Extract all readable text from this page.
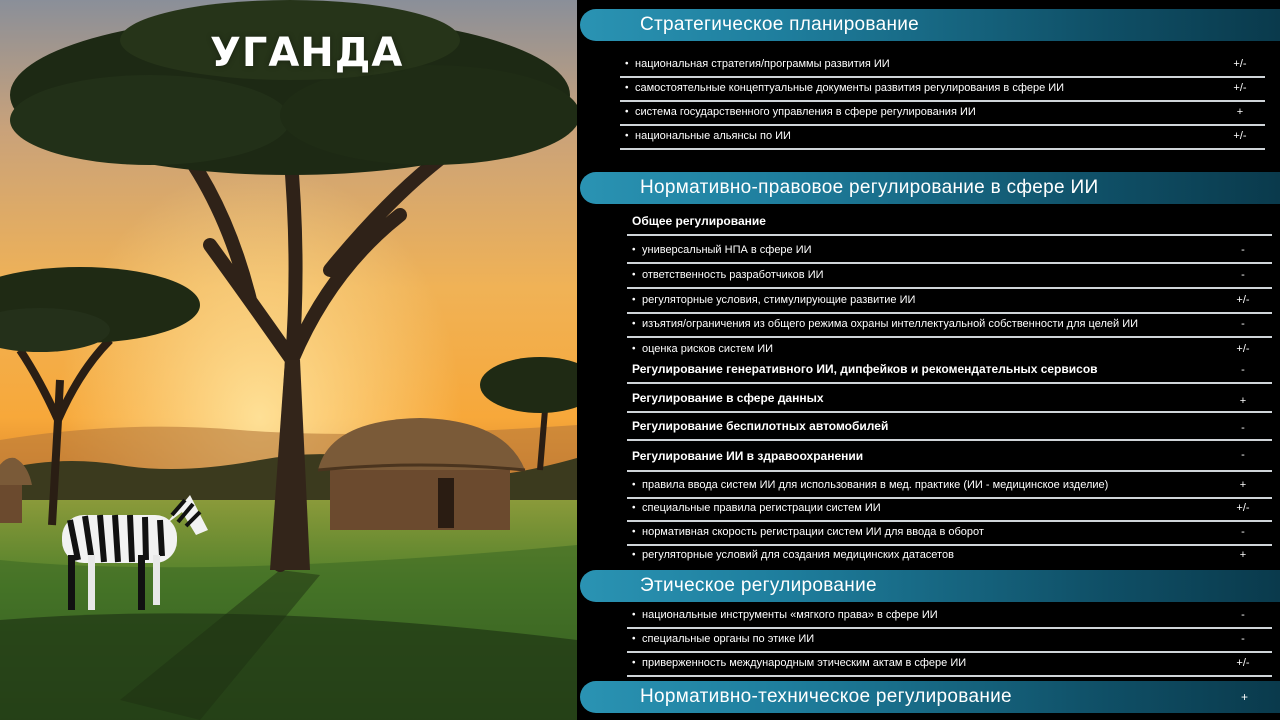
УГАНДА
Стратегическое планирование
• национальная стратегия/программы развития ИИ	+/-
• самостоятельные концептуальные документы развития регулирования в сфере ИИ	+/-
• система государственного управления в сфере регулирования ИИ	+
• национальные альянсы по ИИ	+/-
Нормативно-правовое регулирование в сфере ИИ
Общее регулирование
• универсальный НПА в сфере ИИ	-
• ответственность разработчиков ИИ	-
• регуляторные условия, стимулирующие развитие ИИ	+/-
• изъятия/ограничения из общего режима охраны интеллектуальной собственности для целей ИИ	-
• оценка рисков систем ИИ	+/-
Регулирование генеративного ИИ, дипфейков и рекомендательных сервисов	-
Регулирование в сфере данных	+
Регулирование беспилотных автомобилей	-
Регулирование ИИ в здравоохранении	-
• правила ввода систем ИИ для использования в мед. практике (ИИ - медицинское изделие)	+
• специальные правила регистрации систем ИИ	+/-
• нормативная скорость регистрации систем ИИ для ввода в оборот	-
• регуляторные условий для создания медицинских датасетов	+
Этическое регулирование
• национальные инструменты «мягкого права» в сфере ИИ	-
• специальные органы по этике ИИ	-
• приверженность международным этическим актам в сфере ИИ	+/-
Нормативно-техническое регулирование	+
